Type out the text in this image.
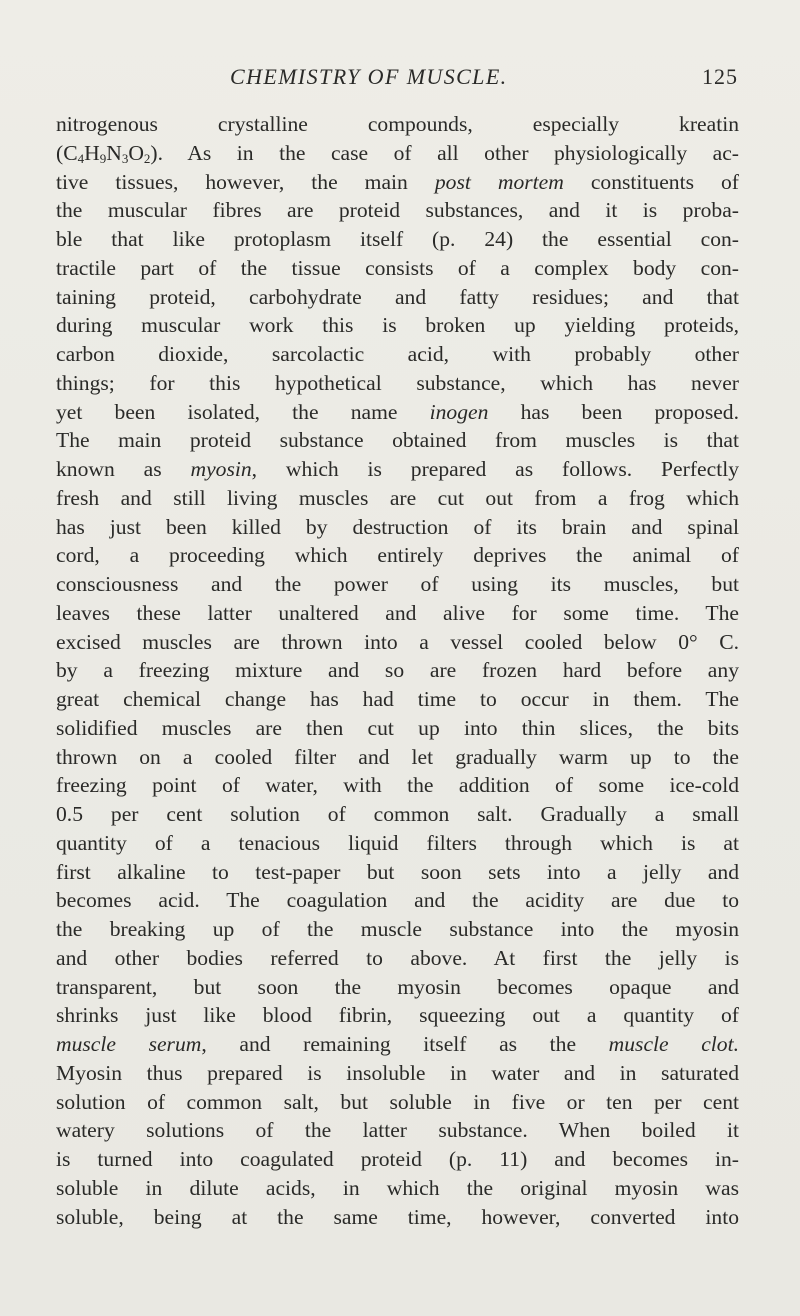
CHEMISTRY OF MUSCLE.	125
nitrogenous crystalline compounds, especially kreatin
$(C_4H_9N_3O_2)$. As in the case of all other physiologically ac-
tive tissues, however, the main post mortem constituents of
the muscular fibres are proteid substances, and it is proba-
ble that like protoplasm itself (p. 24) the essential con-
tractile part of the tissue consists of a complex body con-
taining proteid, carbohydrate and fatty residues; and that
during muscular work this is broken up yielding proteids,
carbon dioxide, sarcolactic acid, with probably other
things; for this hypothetical substance, which has never
yet been isolated, the name inogen has been proposed.
The main proteid substance obtained from muscles is that
known as myosin, which is prepared as follows. Perfectly
fresh and still living muscles are cut out from a frog which
has just been killed by destruction of its brain and spinal
cord, a proceeding which entirely deprives the animal of
consciousness and the power of using its muscles, but
leaves these latter unaltered and alive for some time. The
excised muscles are thrown into a vessel cooled below 0° C.
by a freezing mixture and so are frozen hard before any
great chemical change has had time to occur in them. The
solidified muscles are then cut up into thin slices, the bits
thrown on a cooled filter and let gradually warm up to the
freezing point of water, with the addition of some ice-cold
0.5 per cent solution of common salt. Gradually a small
quantity of a tenacious liquid filters through which is at
first alkaline to test-paper but soon sets into a jelly and
becomes acid. The coagulation and the acidity are due to
the breaking up of the muscle substance into the myosin
and other bodies referred to above. At first the jelly is
transparent, but soon the myosin becomes opaque and
shrinks just like blood fibrin, squeezing out a quantity of
muscle serum, and remaining itself as the muscle clot.
Myosin thus prepared is insoluble in water and in saturated
solution of common salt, but soluble in five or ten per cent
watery solutions of the latter substance. When boiled it
is turned into coagulated proteid (p. 11) and becomes in-
soluble in dilute acids, in which the original myosin was
soluble, being at the same time, however, converted into
